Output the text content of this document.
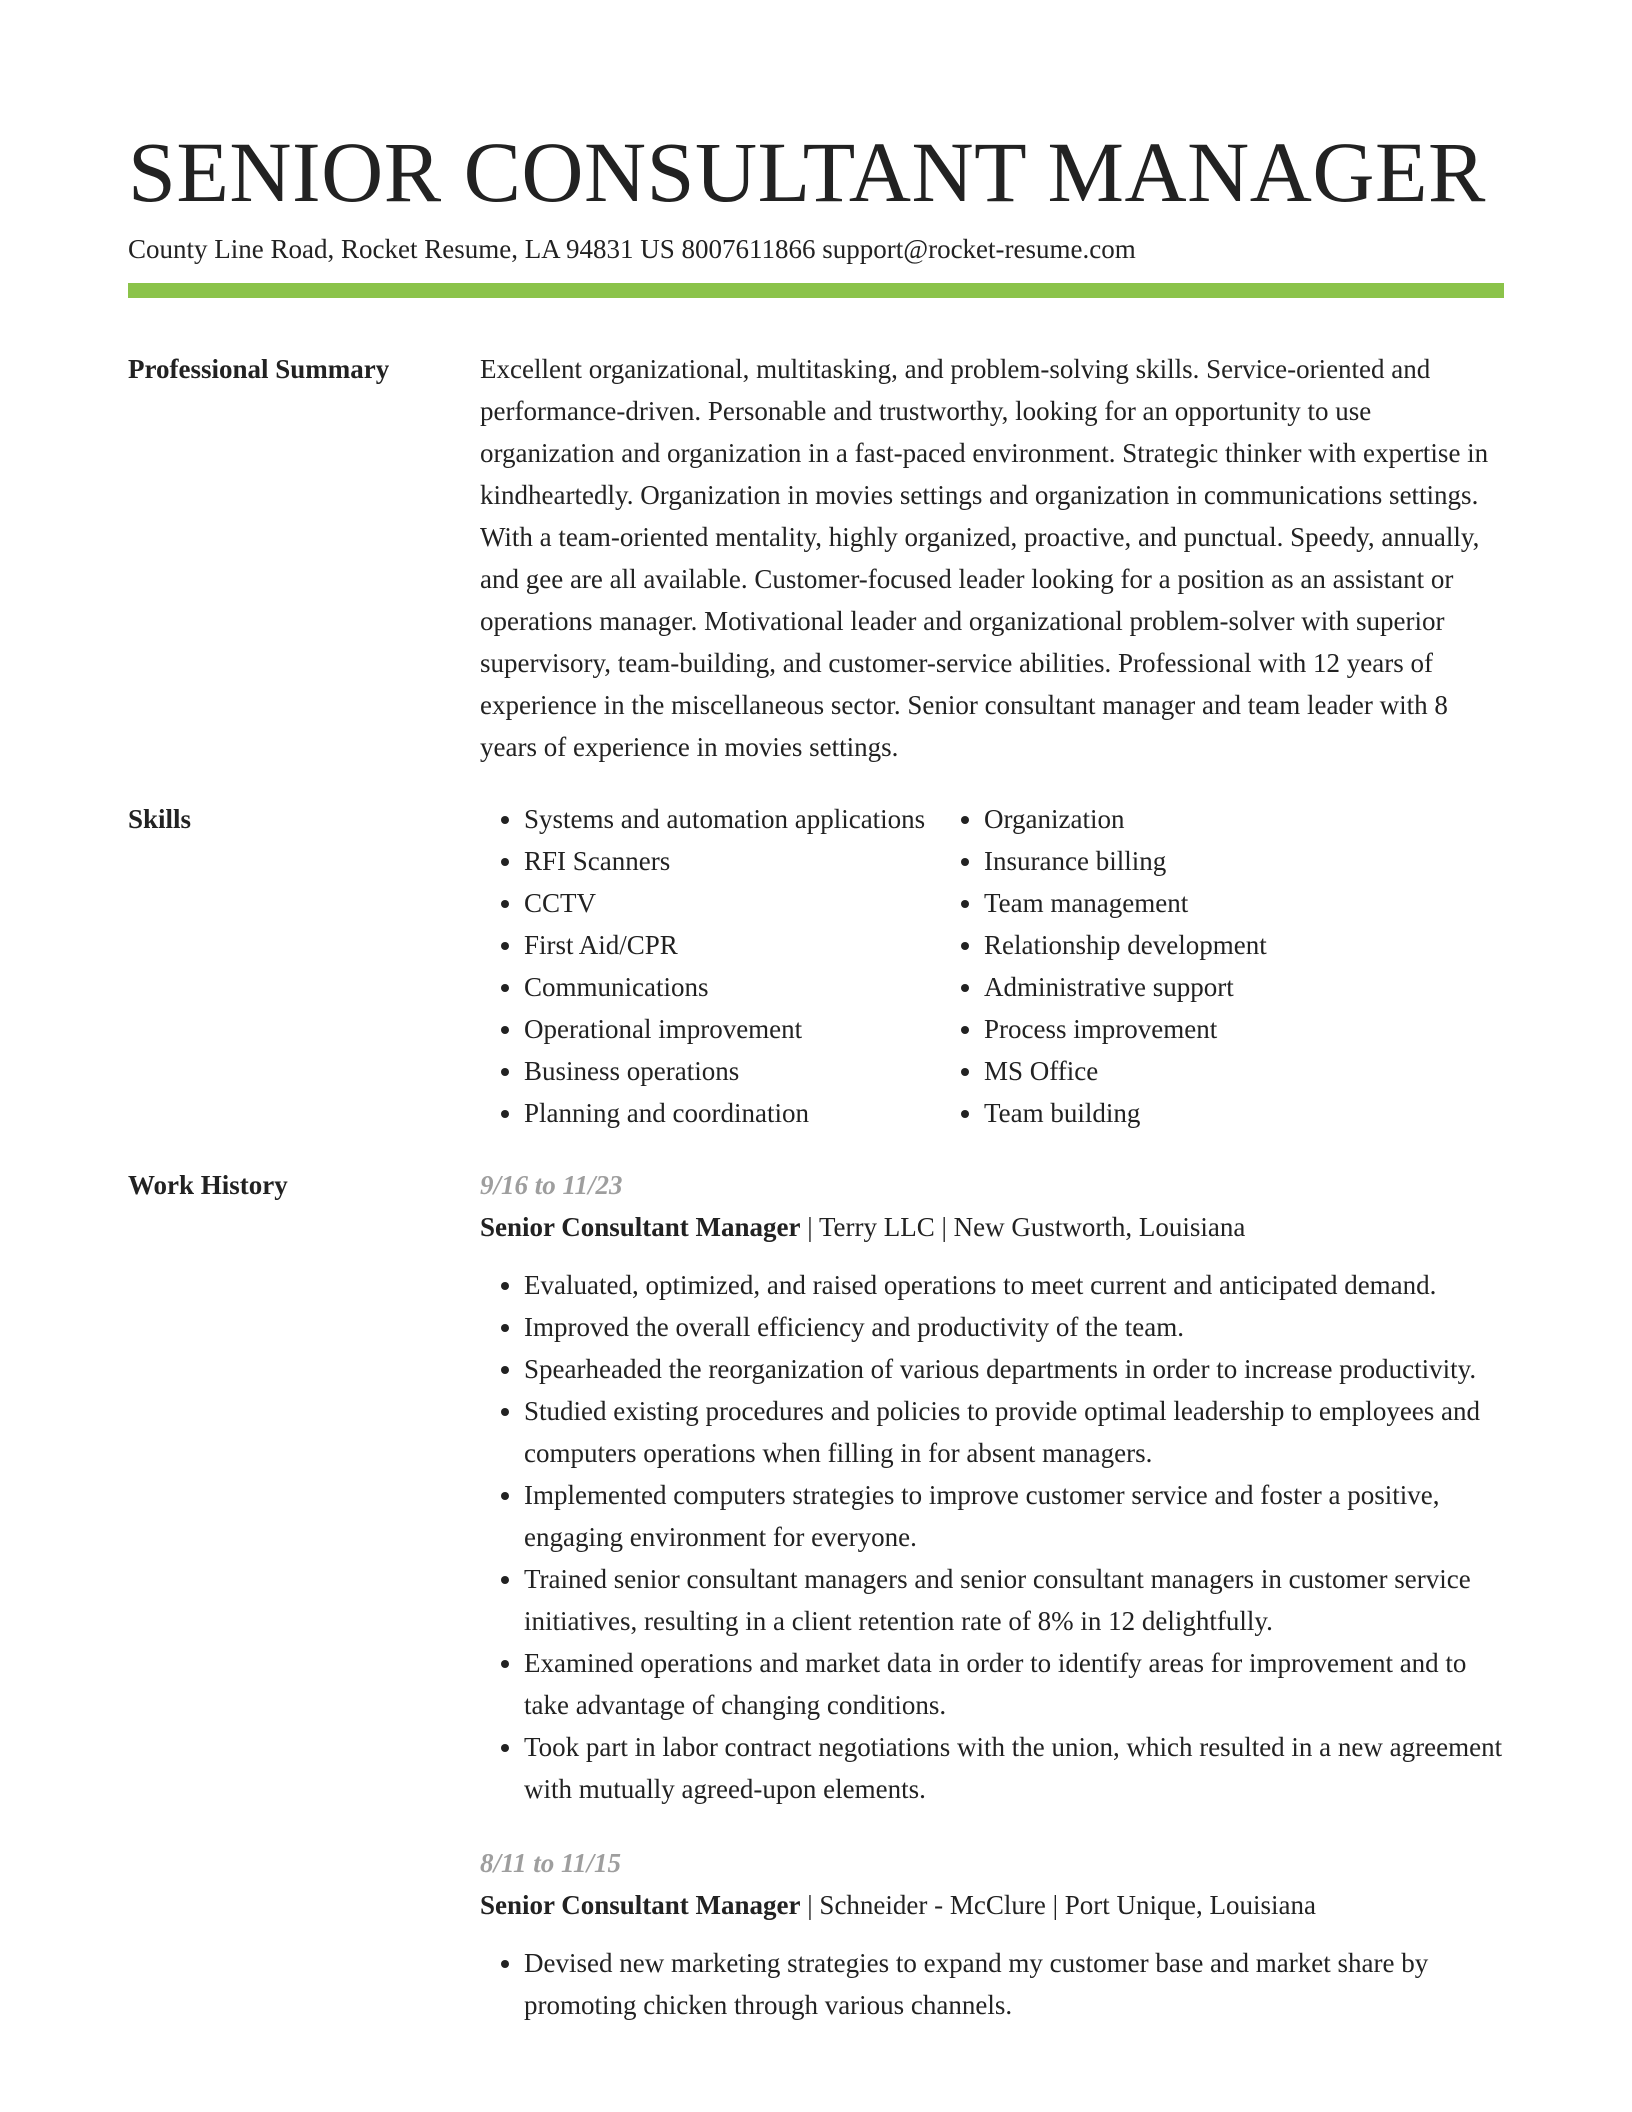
SENIOR CONSULTANT MANAGER
County Line Road, Rocket Resume, LA 94831 US 8007611866 support@rocket-resume.com
Professional Summary	Excellent organizational, multitasking, and problem-solving skills. Service-oriented and performance-driven. Personable and trustworthy, looking for an opportunity to use organization and organization in a fast-paced environment. Strategic thinker with expertise in kindheartedly. Organization in movies settings and organization in communications settings. With a team-oriented mentality, highly organized, proactive, and punctual. Speedy, annually, and gee are all available. Customer-focused leader looking for a position as an assistant or operations manager. Motivational leader and organizational problem-solver with superior supervisory, team-building, and customer-service abilities. Professional with 12 years of experience in the miscellaneous sector. Senior consultant manager and team leader with 8 years of experience in movies settings.
Skills
•	Systems and automation applications
• RFI Scanners
• CCTV
• First Aid/CPR
• Communications
• Operational improvement
• Business operations
• Planning and coordination
• Organization
• Insurance billing
• Team management
• Relationship development
• Administrative support
• Process improvement
• MS Office
• Team building
Work History	9/16 to 11/23
Senior Consultant Manager | Terry LLC | New Gustworth, Louisiana
• Evaluated, optimized, and raised operations to meet current and anticipated demand.
• Improved the overall efficiency and productivity of the team.
• Spearheaded the reorganization of various departments in order to increase productivity.
• Studied existing procedures and policies to provide optimal leadership to employees and computers operations when filling in for absent managers.
• Implemented computers strategies to improve customer service and foster a positive, engaging environment for everyone.
• Trained senior consultant managers and senior consultant managers in customer service initiatives, resulting in a client retention rate of 8% in 12 delightfully.
• Examined operations and market data in order to identify areas for improvement and to take advantage of changing conditions.
• Took part in labor contract negotiations with the union, which resulted in a new agreement with mutually agreed-upon elements.
8/11 to 11/15
Senior Consultant Manager | Schneider - McClure | Port Unique, Louisiana
• Devised new marketing strategies to expand my customer base and market share by promoting chicken through various channels.
